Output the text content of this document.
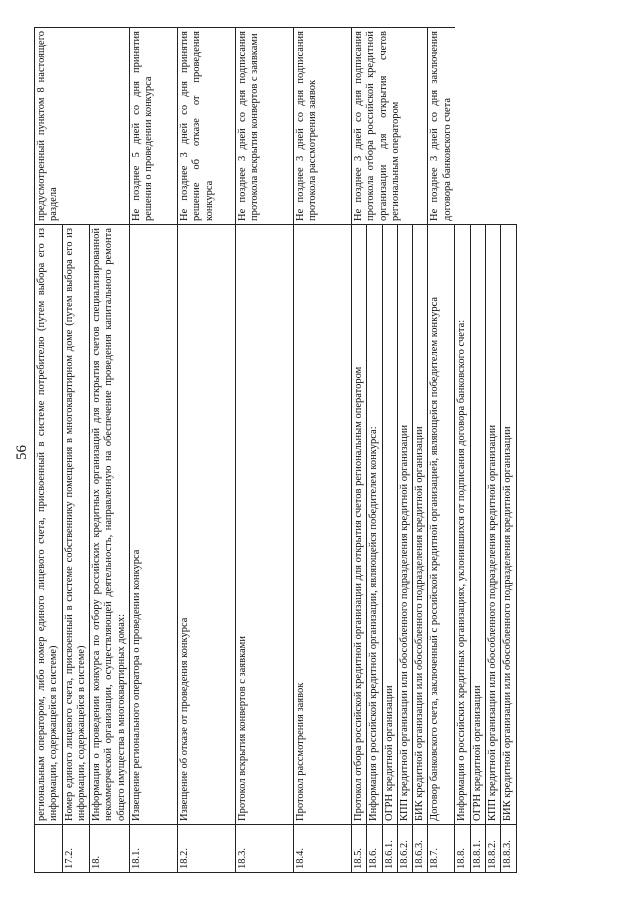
56
	региональным оператором, либо номер единого лицевого счета, присвоенный в системе потребителю (путем выбора его из информации, содержащейся в системе)	предусмотренный пунктом 8 настоящего раздела
17.2.	Номер единого лицевого счета, присвоенный в системе собственнику помещения в многоквартирном доме (путем выбора его из информации, содержащейся в системе)	
18.	Информация о проведении конкурса по отбору российских кредитных организаций для открытия счетов специализированной некоммерческой организации, осуществляющей деятельность, направленную на обеспечение проведения капитального ремонта общего имущества в многоквартирных домах:	
18.1.	Извещение регионального оператора о проведении конкурса	Не позднее 5 дней со дня принятия решения о проведении конкурса
18.2.	Извещение об отказе от проведения конкурса	Не позднее 3 дней со дня принятия решение об отказе от проведения конкурса
18.3.	Протокол вскрытия конвертов с заявками	Не позднее 3 дней со дня подписания протокола вскрытия конвертов с заявками
18.4.	Протокол рассмотрения заявок	Не позднее 3 дней со дня подписания протокола рассмотрения заявок
18.5.	Протокол отбора российской кредитной организации для открытия счетов региональным оператором	Не позднее 3 дней со дня подписания протокола отбора российской кредитной организации для открытия счетов региональным оператором
18.6.	Информация о российской кредитной организации, являющейся победителем конкурса:	
18.6.1.	ОГРН кредитной организации	
18.6.2.	КПП кредитной организации или обособленного подразделения кредитной организации	
18.6.3.	БИК кредитной организации или обособленного подразделения кредитной организации	
18.7.	Договор банковского счета, заключенный с российской кредитной организацией, являющейся победителем конкурса	Не позднее 3 дней со дня заключения договора банковского счета
18.8.	Информация о российских кредитных организациях, уклонившихся от подписания договора банковского счета:	
18.8.1.	ОГРН кредитной организации	
18.8.2.	КПП кредитной организации или обособленного подразделения кредитной организации	
18.8.3.	БИК кредитной организации или обособленного подразделения кредитной организации	
